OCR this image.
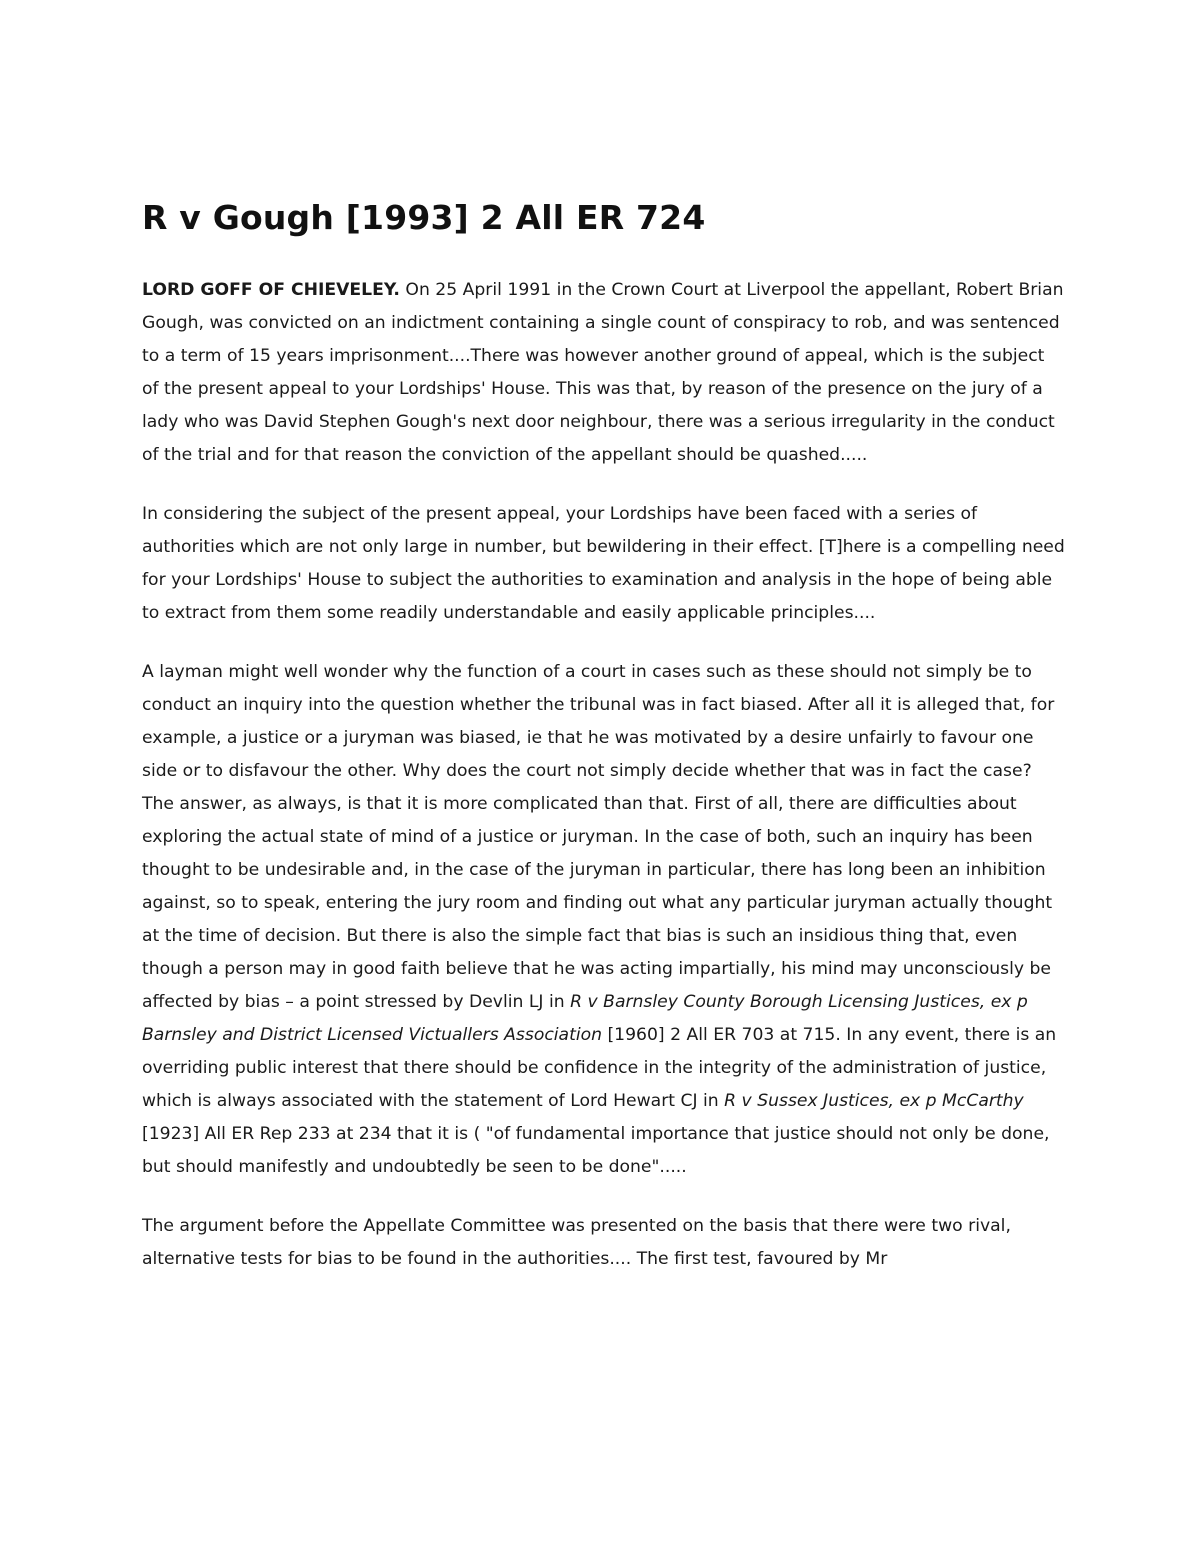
R v Gough [1993] 2 All ER 724

LORD GOFF OF CHIEVELEY. On 25 April 1991 in the Crown Court at Liverpool the appellant, Robert Brian Gough, was convicted on an indictment containing a single count of conspiracy to rob, and was sentenced to a term of 15 years imprisonment....There was however another ground of appeal, which is the subject of the present appeal to your Lordships' House. This was that, by reason of the presence on the jury of a lady who was David Stephen Gough's next door neighbour, there was a serious irregularity in the conduct of the trial and for that reason the conviction of the appellant should be quashed.....

In considering the subject of the present appeal, your Lordships have been faced with a series of authorities which are not only large in number, but bewildering in their effect. [T]here is a compelling need for your Lordships' House to subject the authorities to examination and analysis in the hope of being able to extract from them some readily understandable and easily applicable principles....

A layman might well wonder why the function of a court in cases such as these should not simply be to conduct an inquiry into the question whether the tribunal was in fact biased. After all it is alleged that, for example, a justice or a juryman was biased, ie that he was motivated by a desire unfairly to favour one side or to disfavour the other. Why does the court not simply decide whether that was in fact the case? The answer, as always, is that it is more complicated than that. First of all, there are difficulties about exploring the actual state of mind of a justice or juryman. In the case of both, such an inquiry has been thought to be undesirable and, in the case of the juryman in particular, there has long been an inhibition against, so to speak, entering the jury room and finding out what any particular juryman actually thought at the time of decision. But there is also the simple fact that bias is such an insidious thing that, even though a person may in good faith believe that he was acting impartially, his mind may unconsciously be affected by bias – a point stressed by Devlin LJ in R v Barnsley County Borough Licensing Justices, ex p Barnsley and District Licensed Victuallers Association [1960] 2 All ER 703 at 715. In any event, there is an overriding public interest that there should be confidence in the integrity of the administration of justice, which is always associated with the statement of Lord Hewart CJ in R v Sussex Justices, ex p McCarthy [1923] All ER Rep 233 at 234 that it is ( "of fundamental importance that justice should not only be done, but should manifestly and undoubtedly be seen to be done".....

The argument before the Appellate Committee was presented on the basis that there were two rival, alternative tests for bias to be found in the authorities.... The first test, favoured by Mr
